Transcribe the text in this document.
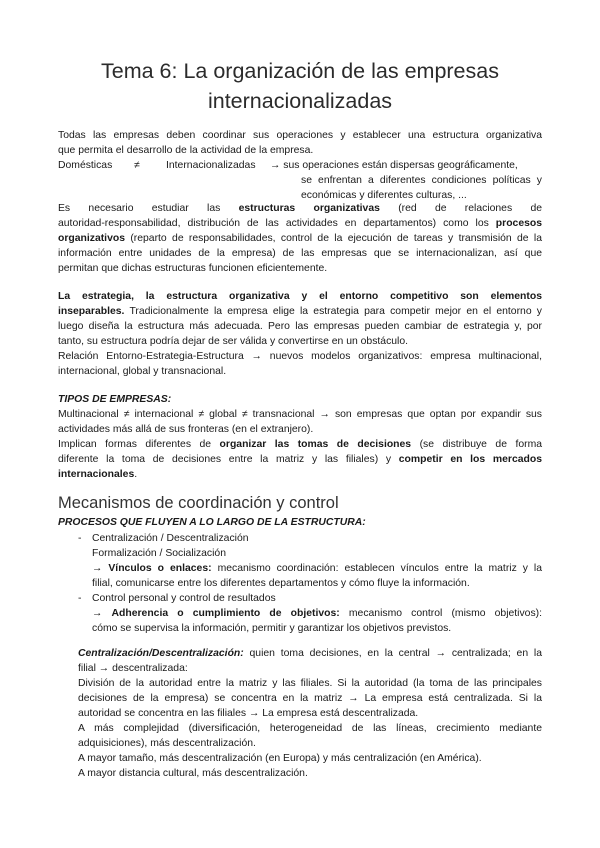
Tema 6: La organización de las empresas
internacionalizadas
Todas las empresas deben coordinar sus operaciones y establecer una estructura organizativa
que permita el desarrollo de la actividad de la empresa.
Domésticas ≠	Internacionalizadas → sus operaciones están dispersas geográficamente,
se enfrentan a diferentes condiciones políticas y
económicas y diferentes culturas, ...
Es necesario estudiar las estructuras organizativas (red de relaciones de
autoridad-responsabilidad, distribución de las actividades en departamentos) como los procesos
organizativos (reparto de responsabilidades, control de la ejecución de tareas y transmisión de la
información entre unidades de la empresa) de las empresas que se internacionalizan, así que
permitan que dichas estructuras funcionen eficientemente.
La estrategia, la estructura organizativa y el entorno competitivo son elementos
inseparables. Tradicionalmente la empresa elige la estrategia para competir mejor en el entorno y
luego diseña la estructura más adecuada. Pero las empresas pueden cambiar de estrategia y, por
tanto, su estructura podría dejar de ser válida y convertirse en un obstáculo.
Relación Entorno-Estrategia-Estructura → nuevos modelos organizativos: empresa multinacional,
internacional, global y transnacional.
TIPOS DE EMPRESAS:
Multinacional ≠ internacional ≠ global ≠ transnacional → son empresas que optan por expandir sus
actividades más allá de sus fronteras (en el extranjero).
Implican formas diferentes de organizar las tomas de decisiones (se distribuye de forma
diferente la toma de decisiones entre la matriz y las filiales) y competir en los mercados
internacionales.
Mecanismos de coordinación y control
PROCESOS QUE FLUYEN A LO LARGO DE LA ESTRUCTURA:
- Centralización / Descentralización
Formalización / Socialización
→ Vínculos o enlaces: mecanismo coordinación: establecen vínculos entre la matriz y la
filial, comunicarse entre los diferentes departamentos y cómo fluye la información.
- Control personal y control de resultados
→ Adherencia o cumplimiento de objetivos: mecanismo control (mismo objetivos):
cómo se supervisa la información, permitir y garantizar los objetivos previstos.
Centralización/Descentralización: quien toma decisiones, en la central → centralizada; en la
filial → descentralizada:
División de la autoridad entre la matriz y las filiales. Si la autoridad (la toma de las principales
decisiones de la empresa) se concentra en la matriz → La empresa está centralizada. Si la
autoridad se concentra en las filiales → La empresa está descentralizada.
A más complejidad (diversificación, heterogeneidad de las líneas, crecimiento mediante
adquisiciones), más descentralización.
A mayor tamaño, más descentralización (en Europa) y más centralización (en América).
A mayor distancia cultural, más descentralización.
